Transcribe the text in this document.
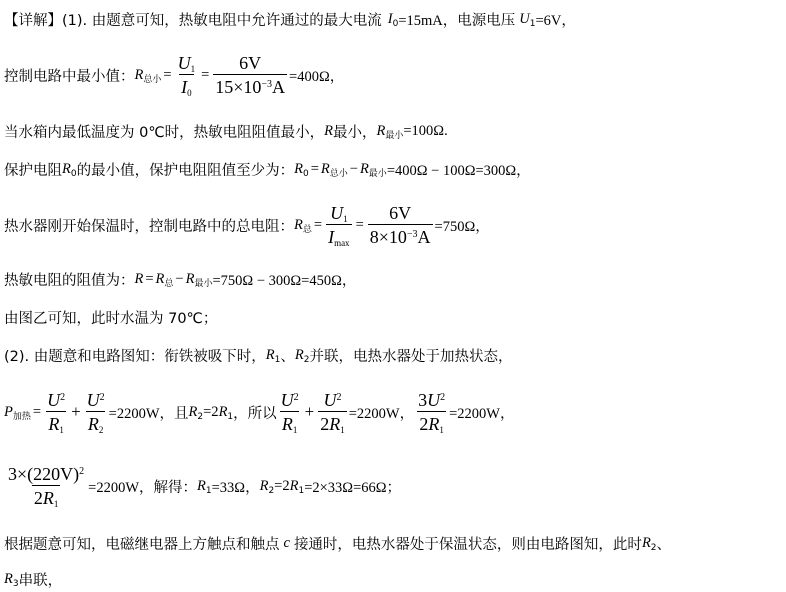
【详解】 (1). 由题意可知，热敏电阻中允许通过的最大电流 $I_0 =15mA$，电源电压 $U_1 =6V$，
控制电路中最小值： $R_{总小} = \frac{U_1}{I_0} = \frac{6V}{15\times 10^{-3}A} =400\Omega$，
当水箱内最低温度为 0℃时，热敏电阻阻值最小， R 最小， $R_{最小} =100\Omega$.
保护电阻 $R_0$ 的最小值，保护电阻阻值至少为： $R_0 = R_{总小} - R_{最小} =400\Omega - 100\Omega=300\Omega$，
热水器刚开始保温时，控制电路中的总电阻： $R_总 = \frac{U_1}{I_{max}} = \frac{6V}{8\times 10^{-3}A} =750\Omega$，
热敏电阻的阻值为： $R = R_总 - R_{最小} =750\Omega - 300\Omega=450\Omega$，
由图乙可知，此时水温为 70℃；
(2). 由题意和电路图知：衔铁被吸下时， $R_1$ 、 $R_2$ 并联，电热水器处于加热状态，
$P_{加热} = \frac{U^2}{R_1} + \frac{U^2}{R_2} =2200W$，且 $R_2 =2$ $R_1$ ，所以 $\frac{U^2}{R_1} + \frac{U^2}{2R_1} =2200W$， $\frac{3U^2}{2R_1} =2200W$，
$\frac{3\times(220V)^2}{2R_1} =2200W$，解得： $R_1 =33\Omega$， $R_2 =2$ $R_1 =2\times 33\Omega=66\Omega$；
根据题意可知，电磁继电器上方触点和触点 c 接通时，电热水器处于保温状态，则由电路图知，此时 $R_2$ 、
$R_3$ 串联，
